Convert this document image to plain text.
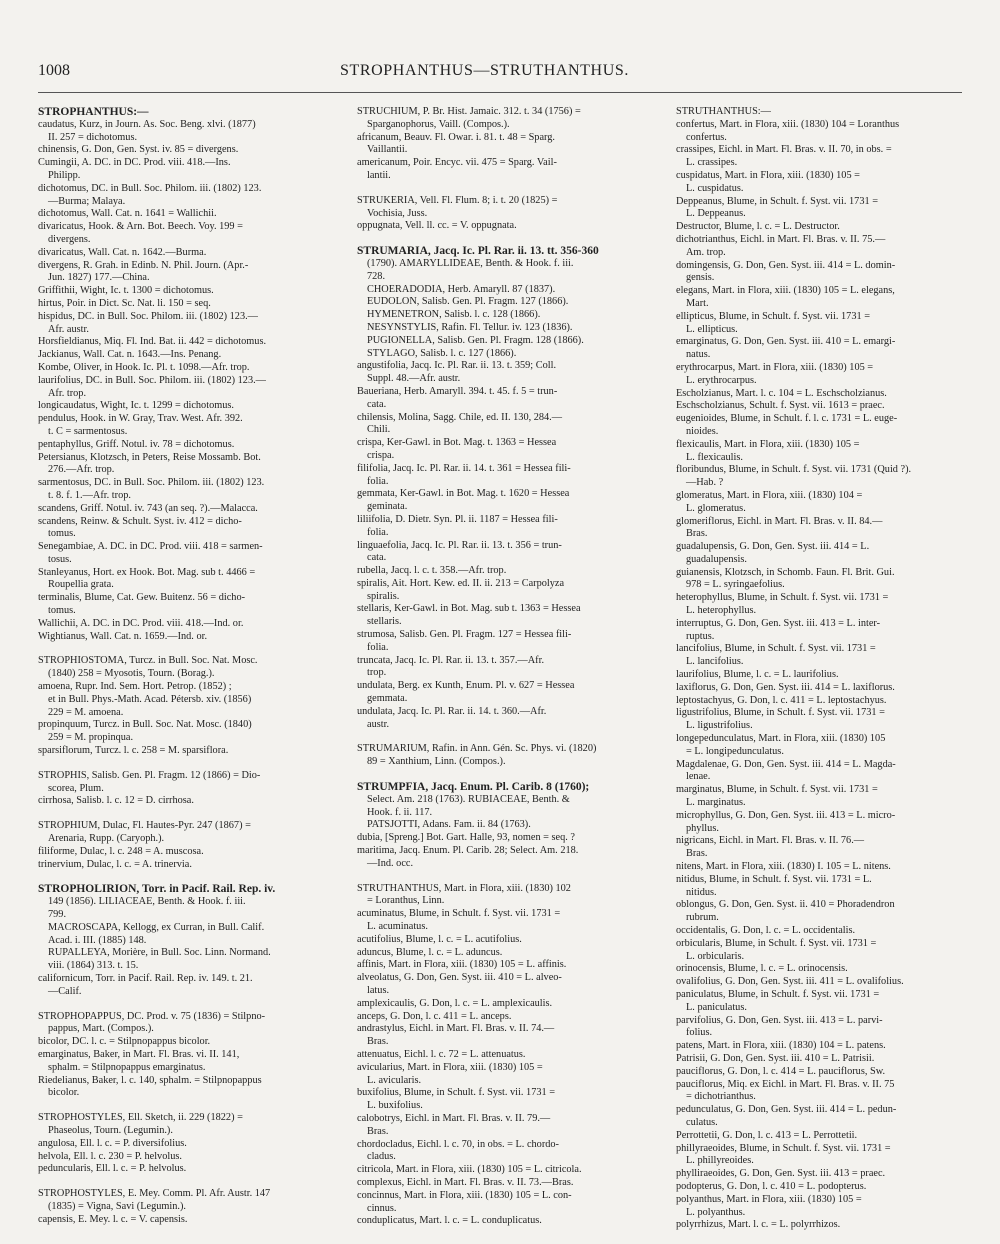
1008	STROPHANTHUS—STRUTHANTHUS.
STROPHANTHUS:—
caudatus, Kurz, in Journ. As. Soc. Beng. xlvi. (1877)
II. 257 = dichotomus.
chinensis, G. Don, Gen. Syst. iv. 85 = divergens.
Cumingii, A. DC. in DC. Prod. viii. 418.—Ins.
Philipp.
dichotomus, DC. in Bull. Soc. Philom. iii. (1802) 123.
—Burma; Malaya.
dichotomus, Wall. Cat. n. 1641 = Wallichii.
divaricatus, Hook. & Arn. Bot. Beech. Voy. 199 =
divergens.
divaricatus, Wall. Cat. n. 1642.—Burma.
divergens, R. Grah. in Edinb. N. Phil. Journ. (Apr.-
Jun. 1827) 177.—China.
Griffithii, Wight, Ic. t. 1300 = dichotomus.
hirtus, Poir. in Dict. Sc. Nat. li. 150 = seq.
hispidus, DC. in Bull. Soc. Philom. iii. (1802) 123.—
Afr. austr.
Horsfieldianus, Miq. Fl. Ind. Bat. ii. 442 = dichotomus.
Jackianus, Wall. Cat. n. 1643.—Ins. Penang.
Kombe, Oliver, in Hook. Ic. Pl. t. 1098.—Afr. trop.
laurifolius, DC. in Bull. Soc. Philom. iii. (1802) 123.—
Afr. trop.
longicaudatus, Wight, Ic. t. 1299 = dichotomus.
pendulus, Hook. in W. Gray, Trav. West. Afr. 392.
t. C = sarmentosus.
pentaphyllus, Griff. Notul. iv. 78 = dichotomus.
Petersianus, Klotzsch, in Peters, Reise Mossamb. Bot.
276.—Afr. trop.
sarmentosus, DC. in Bull. Soc. Philom. iii. (1802) 123.
t. 8. f. 1.—Afr. trop.
scandens, Griff. Notul. iv. 743 (an seq. ?).—Malacca.
scandens, Reinw. & Schult. Syst. iv. 412 = dicho-
tomus.
Senegambiae, A. DC. in DC. Prod. viii. 418 = sarmen-
tosus.
Stanleyanus, Hort. ex Hook. Bot. Mag. sub t. 4466 =
Roupellia grata.
terminalis, Blume, Cat. Gew. Buitenz. 56 = dicho-
tomus.
Wallichii, A. DC. in DC. Prod. viii. 418.—Ind. or.
Wightianus, Wall. Cat. n. 1659.—Ind. or.
STROPHIOSTOMA, Turcz. in Bull. Soc. Nat. Mosc.
(1840) 258 = Myosotis, Tourn. (Borag.).
amoena, Rupr. Ind. Sem. Hort. Petrop. (1852) ;
et in Bull. Phys.-Math. Acad. Pétersb. xiv. (1856)
229 = M. amoena.
propinquum, Turcz. in Bull. Soc. Nat. Mosc. (1840)
259 = M. propinqua.
sparsiflorum, Turcz. l. c. 258 = M. sparsiflora.
STROPHIS, Salisb. Gen. Pl. Fragm. 12 (1866) = Dio-
scorea, Plum.
cirrhosa, Salisb. l. c. 12 = D. cirrhosa.
STROPHIUM, Dulac, Fl. Hautes-Pyr. 247 (1867) =
Arenaria, Rupp. (Caryoph.).
filiforme, Dulac, l. c. 248 = A. muscosa.
trinervium, Dulac, l. c. = A. trinervia.
STROPHOLIRION, Torr. in Pacif. Rail. Rep. iv.
149 (1856). LILIACEAE, Benth. & Hook. f. iii.
799.
MACROSCAPA, Kellogg, ex Curran, in Bull. Calif.
Acad. i. III. (1885) 148.
RUPALLEYA, Morière, in Bull. Soc. Linn. Normand.
viii. (1864) 313. t. 15.
californicum, Torr. in Pacif. Rail. Rep. iv. 149. t. 21.
—Calif.
STROPHOPAPPUS, DC. Prod. v. 75 (1836) = Stilpno-
pappus, Mart. (Compos.).
bicolor, DC. l. c. = Stilpnopappus bicolor.
emarginatus, Baker, in Mart. Fl. Bras. vi. II. 141,
sphalm. = Stilpnopappus emarginatus.
Riedelianus, Baker, l. c. 140, sphalm. = Stilpnopappus
bicolor.
STROPHOSTYLES, Ell. Sketch, ii. 229 (1822) =
Phaseolus, Tourn. (Legumin.).
angulosa, Ell. l. c. = P. diversifolius.
helvola, Ell. l. c. 230 = P. helvolus.
peduncularis, Ell. l. c. = P. helvolus.
STROPHOSTYLES, E. Mey. Comm. Pl. Afr. Austr. 147
(1835) = Vigna, Savi (Legumin.).
capensis, E. Mey. l. c. = V. capensis.
STRUCHIUM, P. Br. Hist. Jamaic. 312. t. 34 (1756) =
Sparganophorus, Vaill. (Compos.).
africanum, Beauv. Fl. Owar. i. 81. t. 48 = Sparg.
Vaillantii.
americanum, Poir. Encyc. vii. 475 = Sparg. Vail-
lantii.
STRUKERIA, Vell. Fl. Flum. 8; i. t. 20 (1825) =
Vochisia, Juss.
oppugnata, Vell. ll. cc. = V. oppugnata.
STRUMARIA, Jacq. Ic. Pl. Rar. ii. 13. tt. 356-360
(1790). AMARYLLIDEAE, Benth. & Hook. f. iii.
728.
CHOERADODIA, Herb. Amaryll. 87 (1837).
EUDOLON, Salisb. Gen. Pl. Fragm. 127 (1866).
HYMENETRON, Salisb. l. c. 128 (1866).
NESYNSTYLIS, Rafin. Fl. Tellur. iv. 123 (1836).
PUGIONELLA, Salisb. Gen. Pl. Fragm. 128 (1866).
STYLAGO, Salisb. l. c. 127 (1866).
angustifolia, Jacq. Ic. Pl. Rar. ii. 13. t. 359; Coll.
Suppl. 48.—Afr. austr.
Baueriana, Herb. Amaryll. 394. t. 45. f. 5 = trun-
cata.
chilensis, Molina, Sagg. Chile, ed. II. 130, 284.—
Chili.
crispa, Ker-Gawl. in Bot. Mag. t. 1363 = Hessea
crispa.
filifolia, Jacq. Ic. Pl. Rar. ii. 14. t. 361 = Hessea fili-
folia.
gemmata, Ker-Gawl. in Bot. Mag. t. 1620 = Hessea
geminata.
liliifolia, D. Dietr. Syn. Pl. ii. 1187 = Hessea fili-
folia.
linguaefolia, Jacq. Ic. Pl. Rar. ii. 13. t. 356 = trun-
cata.
rubella, Jacq. l. c. t. 358.—Afr. trop.
spiralis, Ait. Hort. Kew. ed. II. ii. 213 = Carpolyza
spiralis.
stellaris, Ker-Gawl. in Bot. Mag. sub t. 1363 = Hessea
stellaris.
strumosa, Salisb. Gen. Pl. Fragm. 127 = Hessea fili-
folia.
truncata, Jacq. Ic. Pl. Rar. ii. 13. t. 357.—Afr.
trop.
undulata, Berg. ex Kunth, Enum. Pl. v. 627 = Hessea
gemmata.
undulata, Jacq. Ic. Pl. Rar. ii. 14. t. 360.—Afr.
austr.
STRUMARIUM, Rafin. in Ann. Gén. Sc. Phys. vi. (1820)
89 = Xanthium, Linn. (Compos.).
STRUMPFIA, Jacq. Enum. Pl. Carib. 8 (1760);
Select. Am. 218 (1763). RUBIACEAE, Benth. &
Hook. f. ii. 117.
PATSJOTTI, Adans. Fam. ii. 84 (1763).
dubia, [Spreng.] Bot. Gart. Halle, 93, nomen = seq. ?
maritima, Jacq. Enum. Pl. Carib. 28; Select. Am. 218.
—Ind. occ.
STRUTHANTHUS, Mart. in Flora, xiii. (1830) 102
= Loranthus, Linn.
acuminatus, Blume, in Schult. f. Syst. vii. 1731 =
L. acuminatus.
acutifolius, Blume, l. c. = L. acutifolius.
aduncus, Blume, l. c. = L. aduncus.
affinis, Mart. in Flora, xiii. (1830) 105 = L. affinis.
alveolatus, G. Don, Gen. Syst. iii. 410 = L. alveo-
latus.
amplexicaulis, G. Don, l. c. = L. amplexicaulis.
anceps, G. Don, l. c. 411 = L. anceps.
andrastylus, Eichl. in Mart. Fl. Bras. v. II. 74.—
Bras.
attenuatus, Eichl. l. c. 72 = L. attenuatus.
avicularius, Mart. in Flora, xiii. (1830) 105 =
L. avicularis.
buxifolius, Blume, in Schult. f. Syst. vii. 1731 =
L. buxifolius.
calobotrys, Eichl. in Mart. Fl. Bras. v. II. 79.—
Bras.
chordocladus, Eichl. l. c. 70, in obs. = L. chordo-
cladus.
citricola, Mart. in Flora, xiii. (1830) 105 = L. citricola.
complexus, Eichl. in Mart. Fl. Bras. v. II. 73.—Bras.
concinnus, Mart. in Flora, xiii. (1830) 105 = L. con-
cinnus.
conduplicatus, Mart. l. c. = L. conduplicatus.
STRUTHANTHUS:—
confertus, Mart. in Flora, xiii. (1830) 104 = Loranthus
confertus.
crassipes, Eichl. in Mart. Fl. Bras. v. II. 70, in obs. =
L. crassipes.
cuspidatus, Mart. in Flora, xiii. (1830) 105 =
L. cuspidatus.
Deppeanus, Blume, in Schult. f. Syst. vii. 1731 =
L. Deppeanus.
Destructor, Blume, l. c. = L. Destructor.
dichotrianthus, Eichl. in Mart. Fl. Bras. v. II. 75.—
Am. trop.
domingensis, G. Don, Gen. Syst. iii. 414 = L. domin-
gensis.
elegans, Mart. in Flora, xiii. (1830) 105 = L. elegans,
Mart.
ellipticus, Blume, in Schult. f. Syst. vii. 1731 =
L. ellipticus.
emarginatus, G. Don, Gen. Syst. iii. 410 = L. emargi-
natus.
erythrocarpus, Mart. in Flora, xiii. (1830) 105 =
L. erythrocarpus.
Escholzianus, Mart. l. c. 104 = L. Eschscholzianus.
Eschscholzianus, Schult. f. Syst. vii. 1613 = praec.
eugenioides, Blume, in Schult. f. l. c. 1731 = L. euge-
nioides.
flexicaulis, Mart. in Flora, xiii. (1830) 105 =
L. flexicaulis.
floribundus, Blume, in Schult. f. Syst. vii. 1731 (Quid ?).
—Hab. ?
glomeratus, Mart. in Flora, xiii. (1830) 104 =
L. glomeratus.
glomeriflorus, Eichl. in Mart. Fl. Bras. v. II. 84.—
Bras.
guadalupensis, G. Don, Gen. Syst. iii. 414 = L.
guadalupensis.
guianensis, Klotzsch, in Schomb. Faun. Fl. Brit. Gui.
978 = L. syringaefolius.
heterophyllus, Blume, in Schult. f. Syst. vii. 1731 =
L. heterophyllus.
interruptus, G. Don, Gen. Syst. iii. 413 = L. inter-
ruptus.
lancifolius, Blume, in Schult. f. Syst. vii. 1731 =
L. lancifolius.
laurifolius, Blume, l. c. = L. laurifolius.
laxiflorus, G. Don, Gen. Syst. iii. 414 = L. laxiflorus.
leptostachyus, G. Don, l. c. 411 = L. leptostachyus.
ligustrifolius, Blume, in Schult. f. Syst. vii. 1731 =
L. ligustrifolius.
longepedunculatus, Mart. in Flora, xiii. (1830) 105
= L. longipedunculatus.
Magdalenae, G. Don, Gen. Syst. iii. 414 = L. Magda-
lenae.
marginatus, Blume, in Schult. f. Syst. vii. 1731 =
L. marginatus.
microphyllus, G. Don, Gen. Syst. iii. 413 = L. micro-
phyllus.
nigricans, Eichl. in Mart. Fl. Bras. v. II. 76.—
Bras.
nitens, Mart. in Flora, xiii. (1830) I. 105 = L. nitens.
nitidus, Blume, in Schult. f. Syst. vii. 1731 = L.
nitidus.
oblongus, G. Don, Gen. Syst. ii. 410 = Phoradendron
rubrum.
occidentalis, G. Don, l. c. = L. occidentalis.
orbicularis, Blume, in Schult. f. Syst. vii. 1731 =
L. orbicularis.
orinocensis, Blume, l. c. = L. orinocensis.
ovalifolius, G. Don, Gen. Syst. iii. 411 = L. ovalifolius.
paniculatus, Blume, in Schult. f. Syst. vii. 1731 =
L. paniculatus.
parvifolius, G. Don, Gen. Syst. iii. 413 = L. parvi-
folius.
patens, Mart. in Flora, xiii. (1830) 104 = L. patens.
Patrisii, G. Don, Gen. Syst. iii. 410 = L. Patrisii.
pauciflorus, G. Don, l. c. 414 = L. pauciflorus, Sw.
pauciflorus, Miq. ex Eichl. in Mart. Fl. Bras. v. II. 75
= dichotrianthus.
pedunculatus, G. Don, Gen. Syst. iii. 414 = L. pedun-
culatus.
Perrottetii, G. Don, l. c. 413 = L. Perrottetii.
phillyraeoides, Blume, in Schult. f. Syst. vii. 1731 =
L. phillyreoides.
phylliraeoides, G. Don, Gen. Syst. iii. 413 = praec.
podopterus, G. Don, l. c. 410 = L. podopterus.
polyanthus, Mart. in Flora, xiii. (1830) 105 =
L. polyanthus.
polyrrhizus, Mart. l. c. = L. polyrrhizos.
